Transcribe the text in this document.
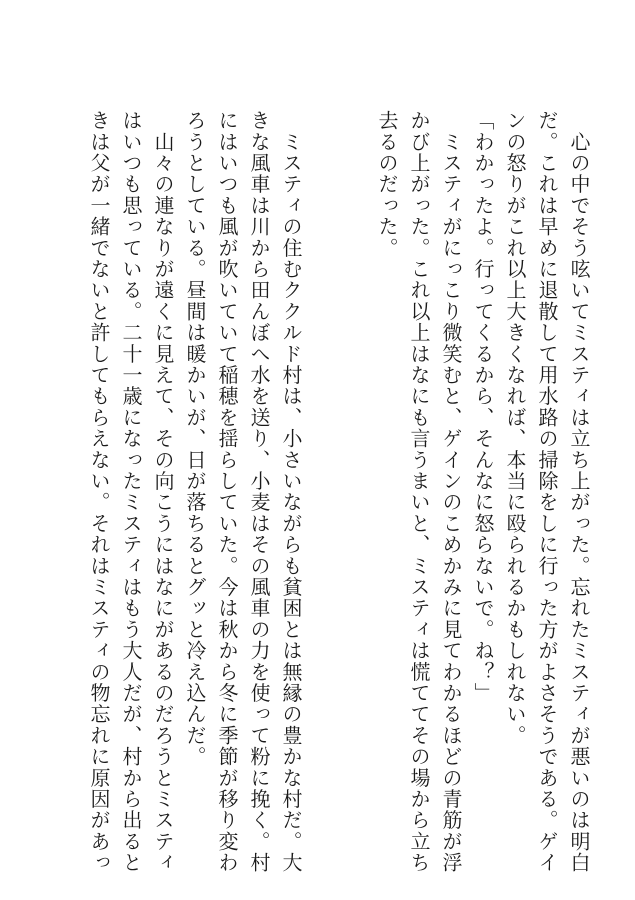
　心の中でそう呟いてミスティは立ち上がった。忘れたミスティが悪いのは明白
だ。これは早めに退散して用水路の掃除をしに行った方がよさそうである。ゲイ
ンの怒りがこれ以上大きくなれば、本当に殴られるかもしれない。
「わかったよ。行ってくるから、そんなに怒らないで。ね？」
　ミスティがにっこり微笑むと、ゲインのこめかみに見てわかるほどの青筋が浮
かび上がった。これ以上はなにも言うまいと、ミスティは慌ててその場から立ち
去るのだった。
　ミスティの住むククルド村は、小さいながらも貧困とは無縁の豊かな村だ。大
きな風車は川から田んぼへ水を送り、小麦はその風車の力を使って粉に挽く。村
にはいつも風が吹いていて稲穂を揺らしていた。今は秋から冬に季節が移り変わ
ろうとしている。昼間は暖かいが、日が落ちるとグッと冷え込んだ。
　山々の連なりが遠くに見えて、その向こうにはなにがあるのだろうとミスティ
はいつも思っている。二十一歳になったミスティはもう大人だが、村から出ると
きは父が一緒でないと許してもらえない。それはミスティの物忘れに原因があっ
